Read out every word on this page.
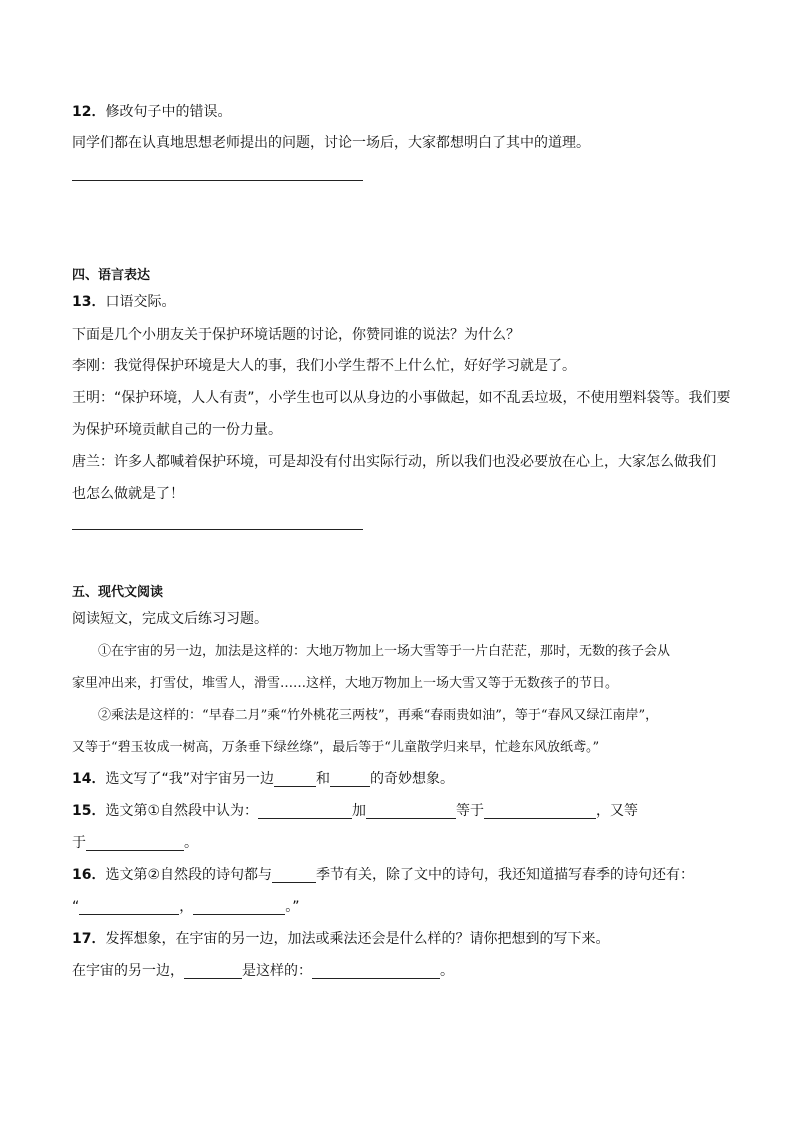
12．修改句子中的错误。
同学们都在认真地思想老师提出的问题，讨论一场后，大家都想明白了其中的道理。
四、语言表达
13．口语交际。
下面是几个小朋友关于保护环境话题的讨论，你赞同谁的说法？为什么？
李刚：我觉得保护环境是大人的事，我们小学生帮不上什么忙，好好学习就是了。
王明：“保护环境，人人有责”，小学生也可以从身边的小事做起，如不乱丢垃圾，不使用塑料袋等。我们要
为保护环境贡献自己的一份力量。
唐兰：许多人都喊着保护环境，可是却没有付出实际行动，所以我们也没必要放在心上，大家怎么做我们
也怎么做就是了！
五、现代文阅读
阅读短文，完成文后练习习题。
①在宇宙的另一边，加法是这样的：大地万物加上一场大雪等于一片白茫茫，那时，无数的孩子会从
家里冲出来，打雪仗，堆雪人，滑雪……这样，大地万物加上一场大雪又等于无数孩子的节日。
②乘法是这样的：“早春二月”乘“竹外桃花三两枝”，再乘“春雨贵如油”，等于“春风又绿江南岸”，
又等于“碧玉妆成一树高，万条垂下绿丝绦”，最后等于“儿童散学归来早，忙趁东风放纸鸢。”
14．选文写了“我”对宇宙另一边	和	的奇妙想象。
15．选文第①自然段中认为：	加	等于	，又等
于	。
16．选文第②自然段的诗句都与	季节有关，除了文中的诗句，我还知道描写春季的诗句还有：
“	，	。”
17．发挥想象，在宇宙的另一边，加法或乘法还会是什么样的？请你把想到的写下来。
在宇宙的另一边，	是这样的：	。
